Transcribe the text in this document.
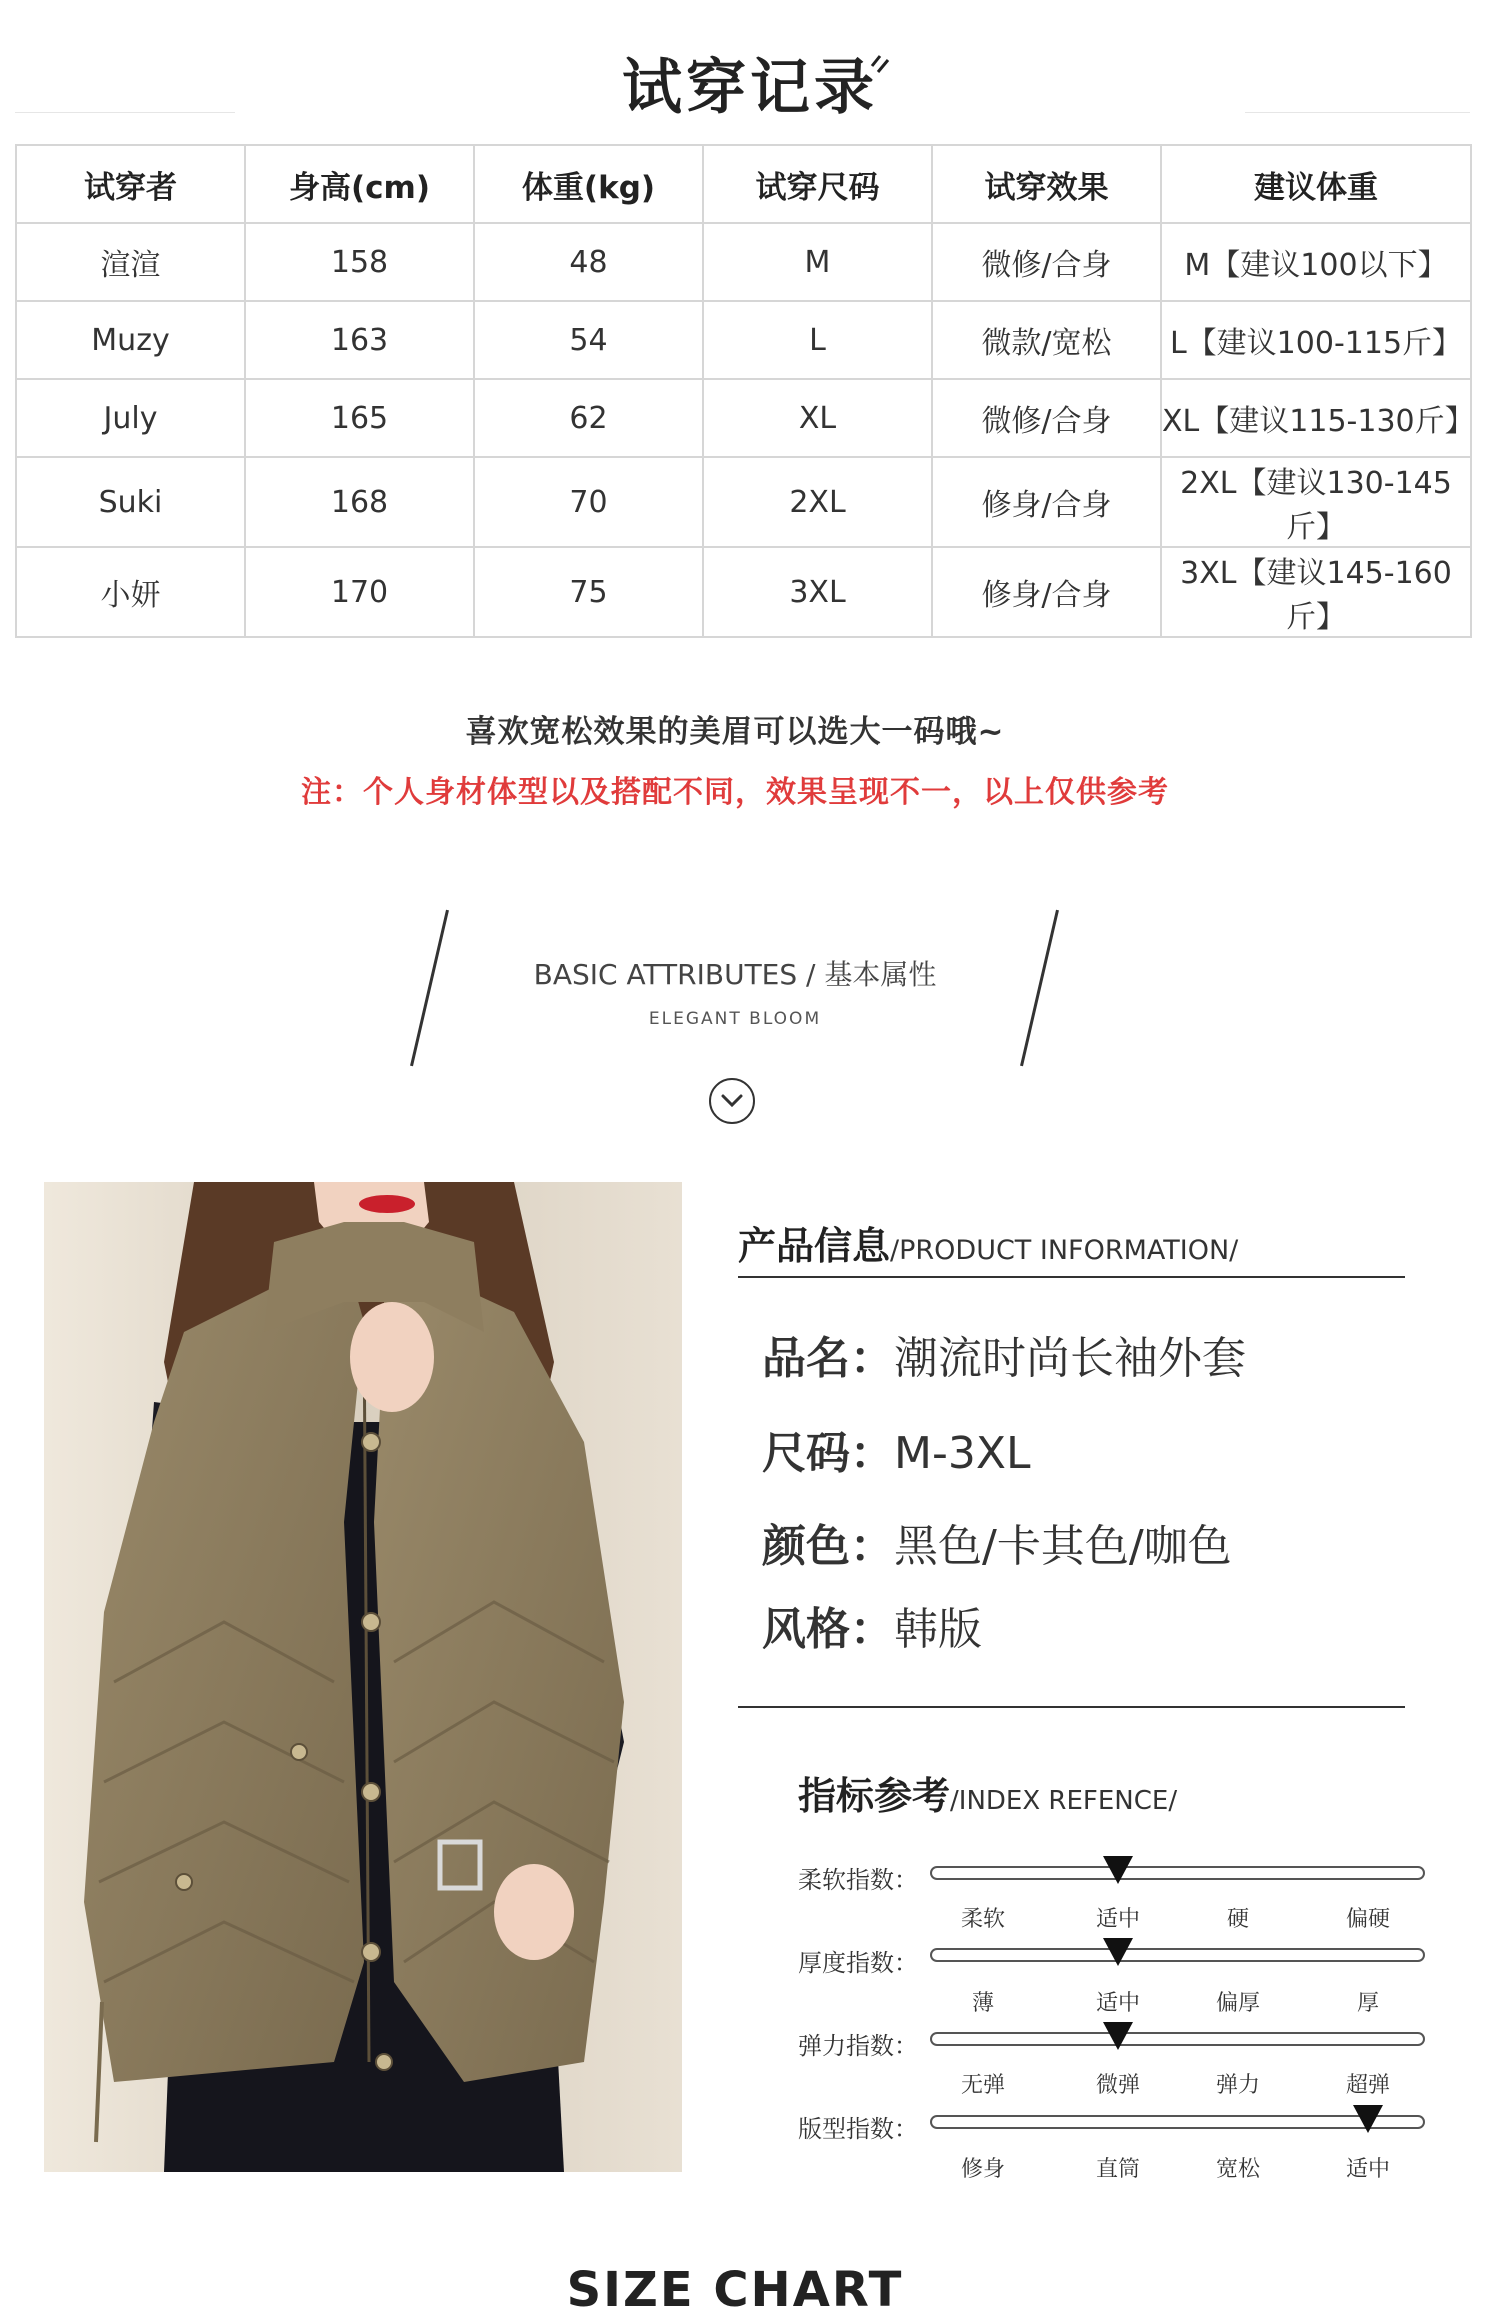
试穿记录
试穿者	身高(cm)	体重(kg)	试穿尺码	试穿效果	建议体重
渲渲	158	48	M	微修/合身	M【建议100以下】
Muzy	163	54	L	微款/宽松	L【建议100-115斤】
July	165	62	XL	微修/合身	XL【建议115-130斤】
Suki	168	70	2XL	修身/合身	2XL【建议130-145斤】
小妍	170	75	3XL	修身/合身	3XL【建议145-160斤】
喜欢宽松效果的美眉可以选大一码哦~
注：个人身材体型以及搭配不同，效果呈现不一，以上仅供参考
BASIC ATTRIBUTES / 基本属性
ELEGANT BLOOM
产品信息/PRODUCT INFORMATION/
品名：潮流时尚长袖外套
尺码：M-3XL
颜色：黑色/卡其色/咖色
风格：韩版
指标参考/INDEX REFENCE/
柔软指数：
柔软	适中	硬	偏硬
厚度指数：
薄	适中	偏厚	厚
弹力指数：
无弹	微弹	弹力	超弹
版型指数：
修身	直筒	宽松	适中
SIZE CHART
